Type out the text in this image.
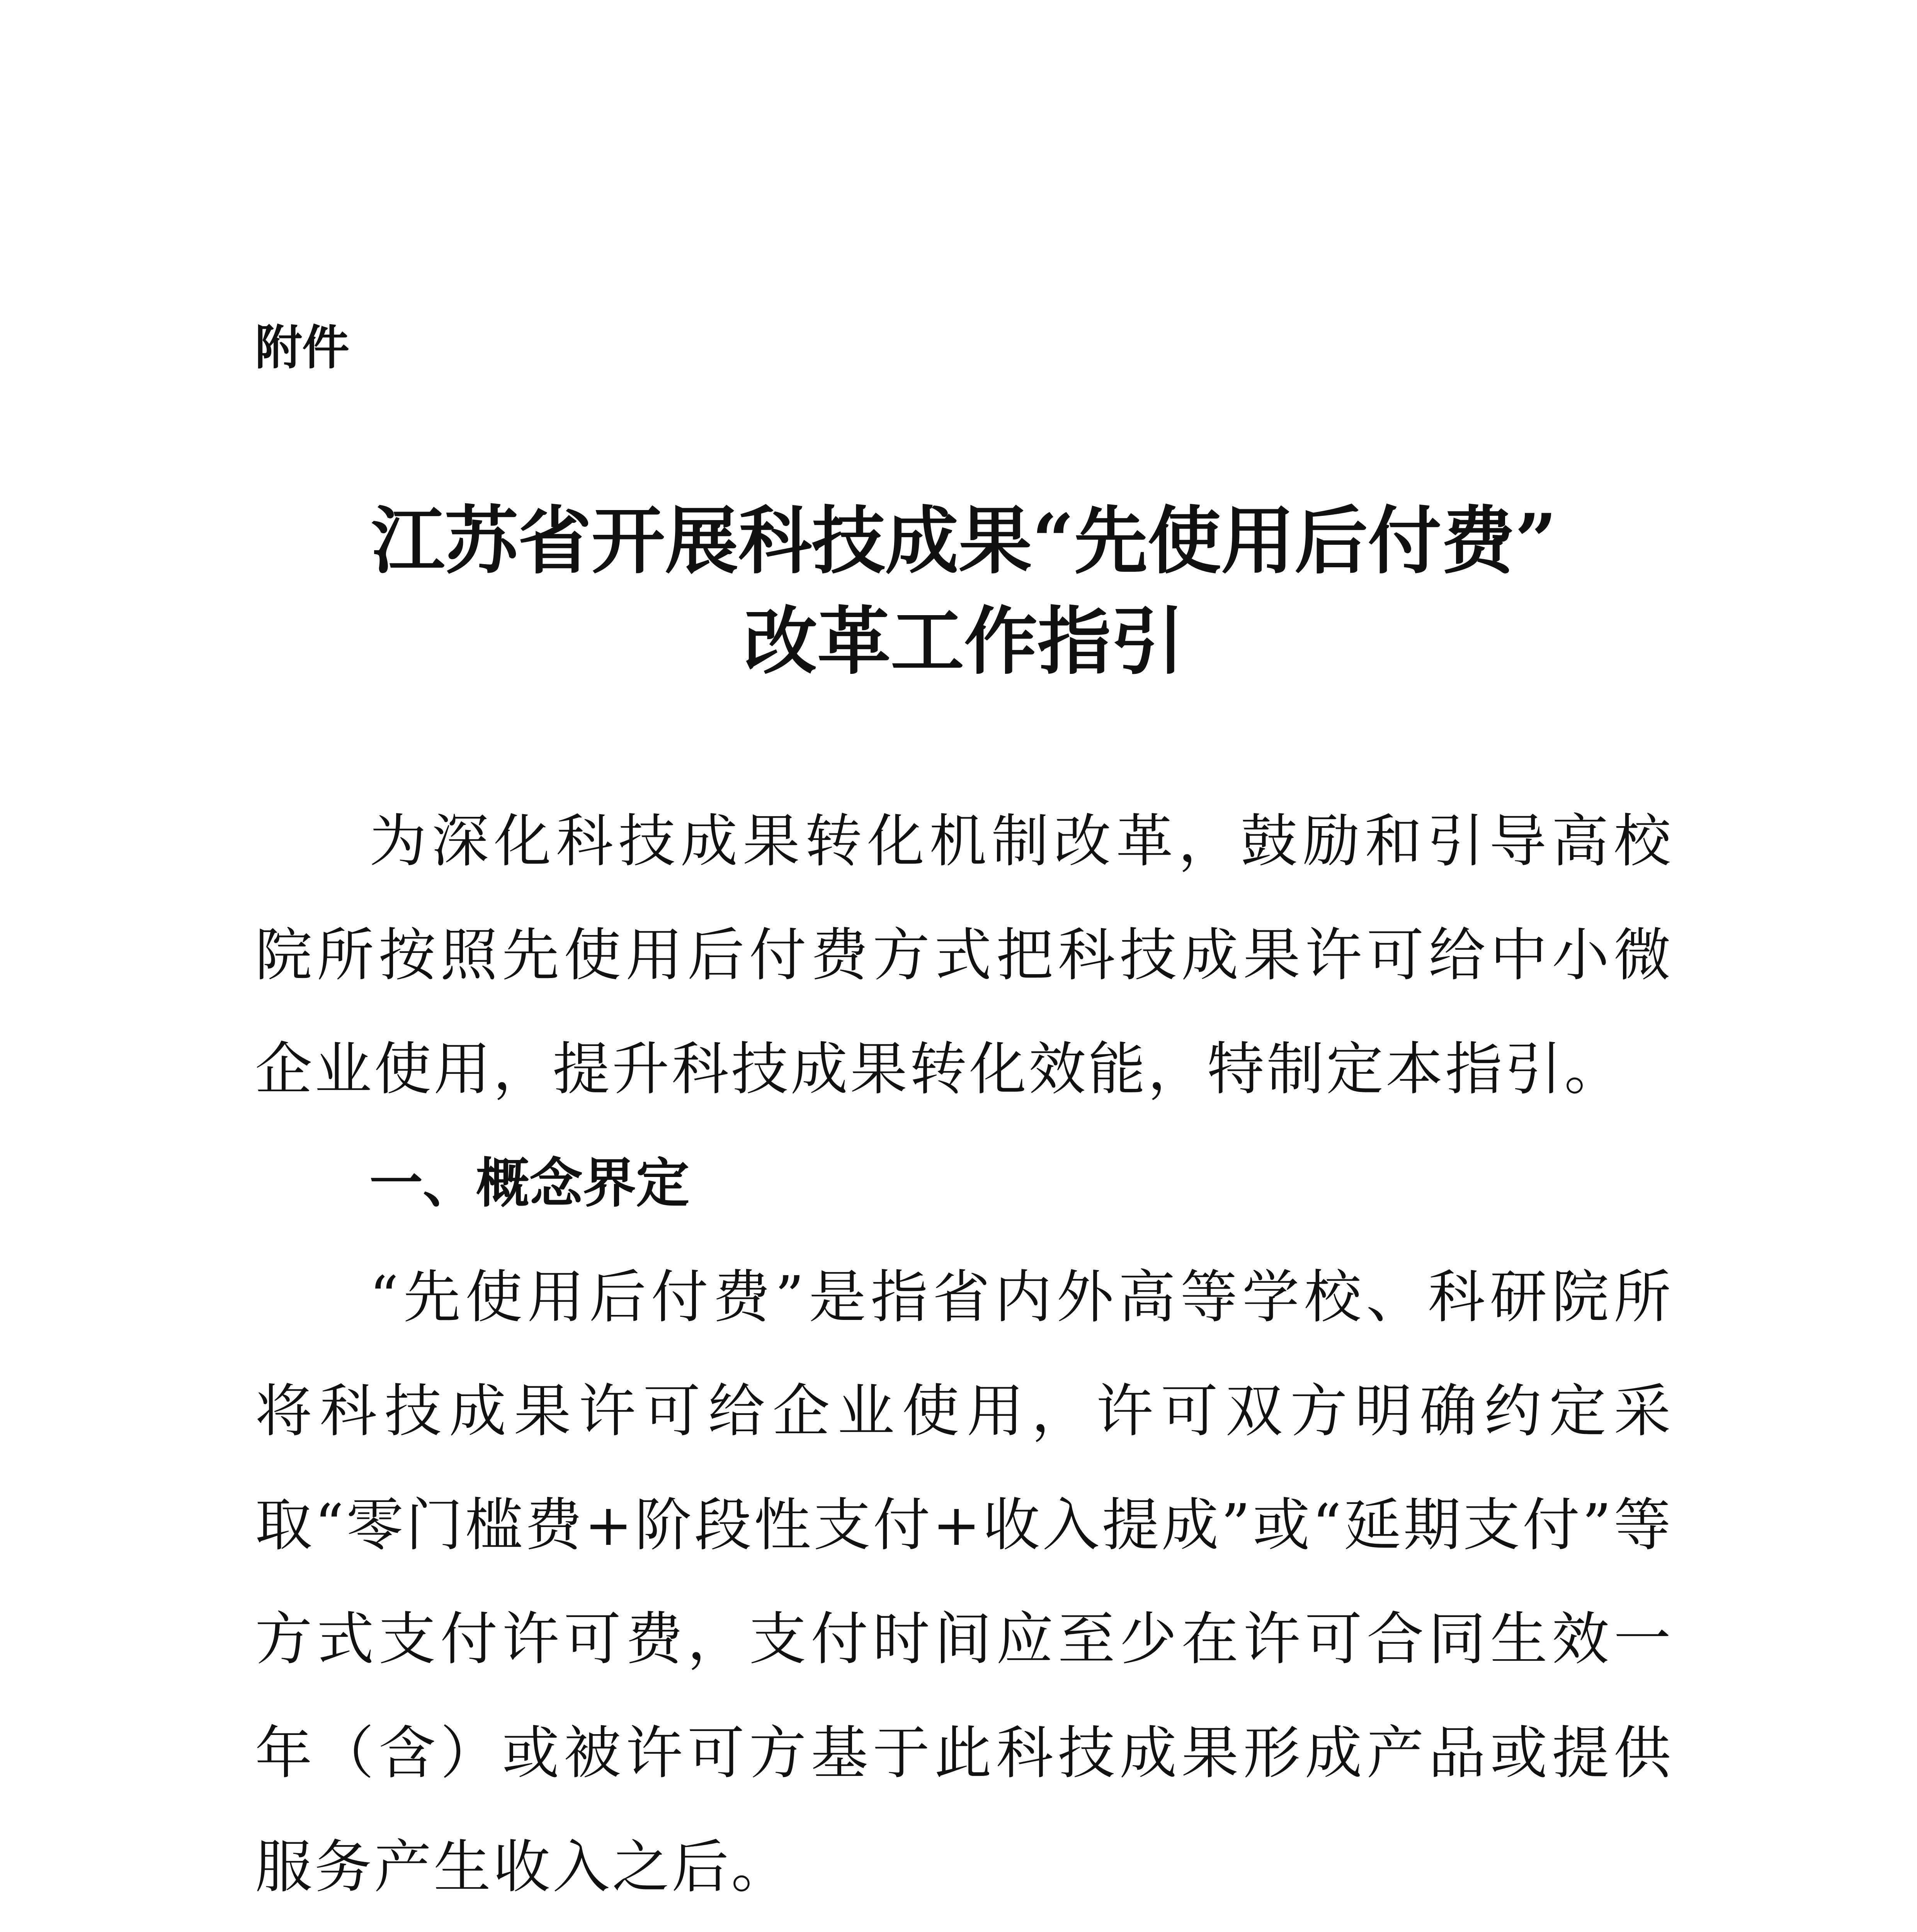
附件
江苏省开展科技成果“先使用后付费”
改革工作指引

为深化科技成果转化机制改革，鼓励和引导高校院所按照先使用后付费方式把科技成果许可给中小微企业使用，提升科技成果转化效能，特制定本指引。

一、概念界定

“先使用后付费”是指省内外高等学校、科研院所将科技成果许可给企业使用，许可双方明确约定采取“零门槛费+阶段性支付+收入提成”或“延期支付”等方式支付许可费，支付时间应至少在许可合同生效一年（含）或被许可方基于此科技成果形成产品或提供服务产生收入之后。
